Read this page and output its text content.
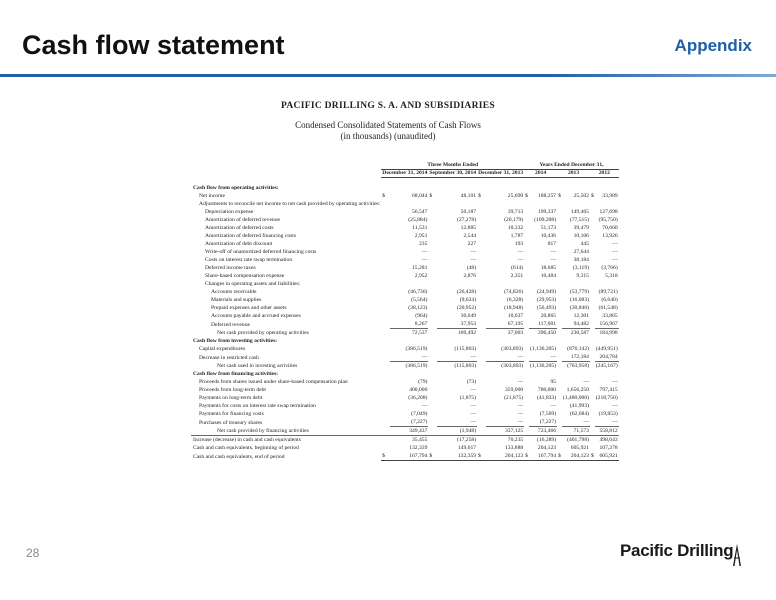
Cash flow statement	Appendix
PACIFIC DRILLING S. A. AND SUBSIDIARIES
Condensed Consolidated Statements of Cash Flows
(in thousands) (unaudited)
	Three Months Ended						Years Ended December 31,					
	December 31, 2014		September 30, 2014		December 31, 2013		2014		2013		2012	

Cash flow from operating activities:												
Net income	$	68,044	$	48,101	$	25,690	$	188,257	$	25,502	$	33,989
Adjustments to reconcile net income to net cash provided by operating activities:												
Depreciation expense		56,547		50,187		39,713		199,337		149,465		127,698
Amortization of deferred revenue		(25,884)		(27,278)		(20,179)		(109,208)		(77,515)		(95,750)
Amortization of deferred costs		11,531		12,885		10,332		51,173		39,479		70,660
Amortization of deferred financing costs		2,951		2,544		1,787		10,436		10,106		13,926
Amortization of debt discount		235		227		193		817		445		—
Write-off of unamortized deferred financing costs		—		—		—		—		27,644		—
Costs on interest rate swap termination		—		—		—		—		38,184		—
Deferred income taxes		15,281		(48)		(614)		18,685		(3,119)		(3,766)
Share-based compensation expense		2,952		2,876		2,351		10,484		9,315		5,318
Changes in operating assets and liabilities:												
Accounts receivable		(46,736)		(26,428)		(74,826)		(24,949)		(53,779)		(89,721)
Materials and supplies		(5,564)		(9,624)		(6,328)		(29,953)		(16,083)		(6,640)
Prepaid expenses and other assets		(38,123)		(20,952)		(18,948)		(56,493)		(30,840)		(61,548)
Accounts payable and accrued expenses		(964)		30,049		10,637		20,865		12,301		33,865
Deferred revenue		8,267		37,953		67,195		117,001		94,482		156,967
Net cash provided by operating activities		72,537		100,492		37,003		396,450		230,587		184,998
Cash flow from investing activities:												
Capital expenditures		(386,519)		(115,803)		(303,893)		(1,136,205)		(876,142)		(449,951)
Decrease in restricted cash		—		—		—		—		172,184		204,784
Net cash used in investing activities		(386,519)		(115,803)		(303,893)		(1,136,205)		(703,958)		(245,167)
Cash flow from financing activities:												
Proceeds from shares issued under share-based compensation plan		(79)		(73)		—		95		—		—
Proceeds from long-term debt		400,000		—		359,000		780,000		1,656,250		797,415
Payments on long-term debt		(36,208)		(1,875)		(21,875)		(41,833)		(1,480,000)		(218,750)
Payments for costs on interest rate swap termination		—		—		—		—		(41,993)		—
Payments for financing costs		(7,049)		—		—		(7,569)		(62,684)		(19,853)
Purchases of treasury shares		(7,227)		—		—		(7,227)		—		—
Net cash provided by financing activities		349,437		(1,948)		337,125		723,466		71,573		558,812
Increase (decrease) in cash and cash equivalents		35,455		(17,258)		70,235		(16,289)		(401,798)		498,643
Cash and cash equivalents, beginning of period		132,339		149,617		133,888		204,123		605,921		107,278
Cash and cash equivalents, end of period	$	167,794	$	132,359	$	204,123	$	167,794	$	204,123	$	605,921
28	Pacific Drilling
